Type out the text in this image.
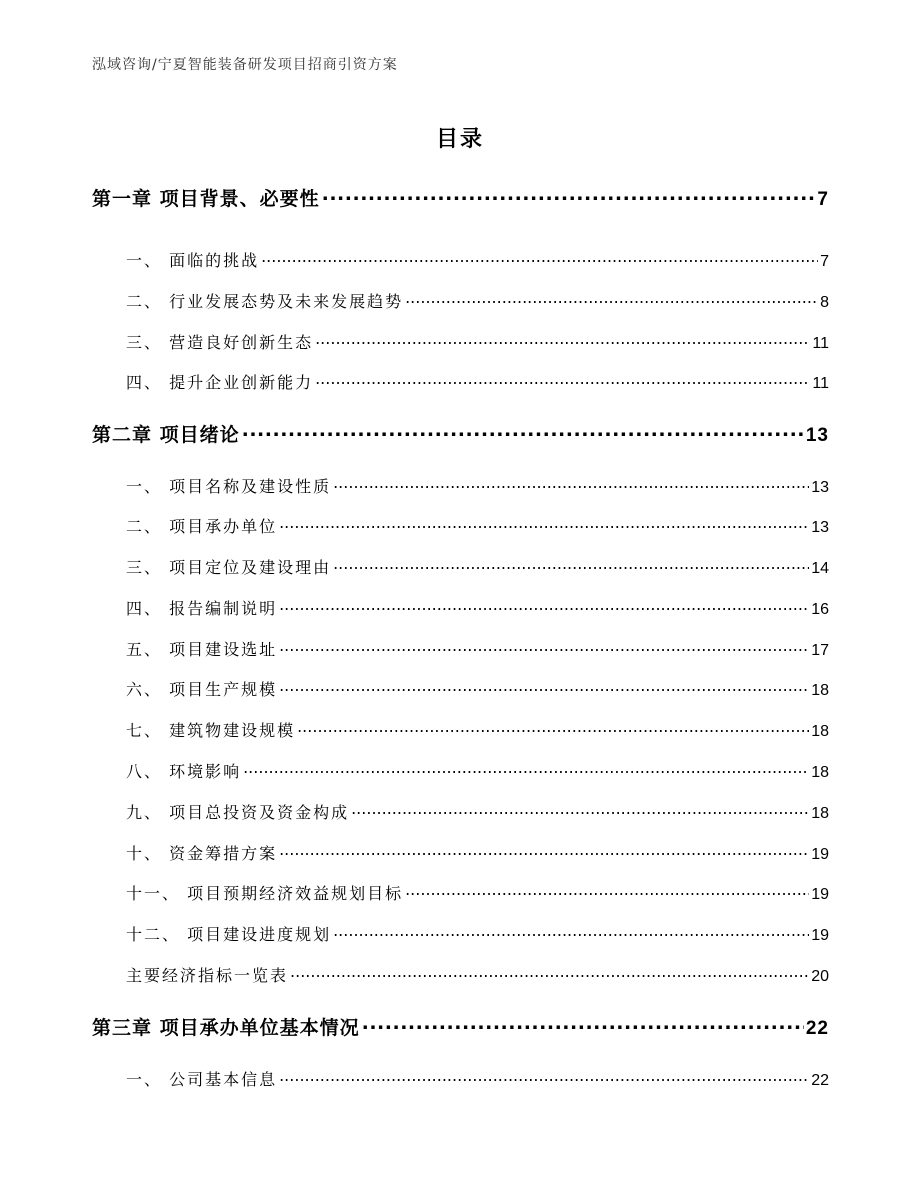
泓域咨询/宁夏智能装备研发项目招商引资方案
目录
第一章 项目背景、必要性 .....	7
一、 面临的挑战 .....	7
二、 行业发展态势及未来发展趋势 .....	8
三、 营造良好创新生态 .....	11
四、 提升企业创新能力 .....	11
第二章 项目绪论 .....	13
一、 项目名称及建设性质 .....	13
二、 项目承办单位 .....	13
三、 项目定位及建设理由 .....	14
四、 报告编制说明 .....	16
五、 项目建设选址 .....	17
六、 项目生产规模 .....	18
七、 建筑物建设规模 .....	18
八、 环境影响 .....	18
九、 项目总投资及资金构成 .....	18
十、 资金筹措方案 .....	19
十一、 项目预期经济效益规划目标 .....	19
十二、 项目建设进度规划 .....	19
主要经济指标一览表 .....	20
第三章 项目承办单位基本情况 .....	22
一、 公司基本信息 .....	22
